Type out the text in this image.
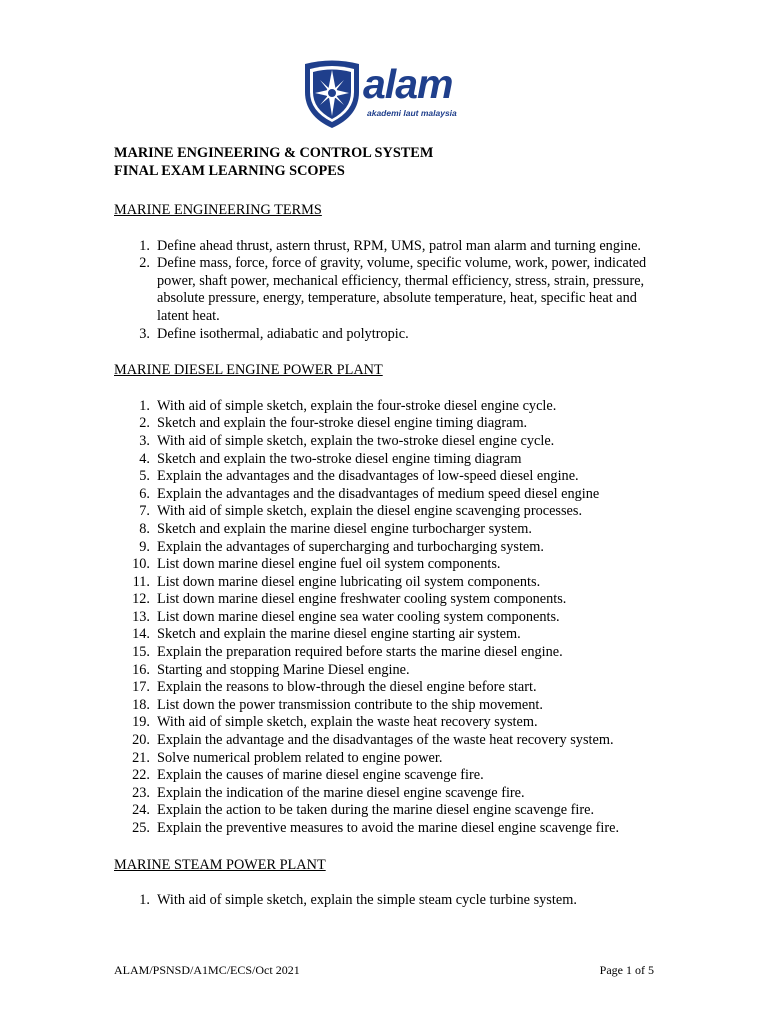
alam
akademi laut malaysia
MARINE ENGINEERING & CONTROL SYSTEM
FINAL EXAM LEARNING SCOPES
MARINE ENGINEERING TERMS
1. Define ahead thrust, astern thrust, RPM, UMS, patrol man alarm and turning engine.
2. Define mass, force, force of gravity, volume, specific volume, work, power, indicated power, shaft power, mechanical efficiency, thermal efficiency, stress, strain, pressure, absolute pressure, energy, temperature, absolute temperature, heat, specific heat and latent heat.
3. Define isothermal, adiabatic and polytropic.
MARINE DIESEL ENGINE POWER PLANT
1. With aid of simple sketch, explain the four-stroke diesel engine cycle.
2. Sketch and explain the four-stroke diesel engine timing diagram.
3. With aid of simple sketch, explain the two-stroke diesel engine cycle.
4. Sketch and explain the two-stroke diesel engine timing diagram
5. Explain the advantages and the disadvantages of low-speed diesel engine.
6. Explain the advantages and the disadvantages of medium speed diesel engine
7. With aid of simple sketch, explain the diesel engine scavenging processes.
8. Sketch and explain the marine diesel engine turbocharger system.
9. Explain the advantages of supercharging and turbocharging system.
10. List down marine diesel engine fuel oil system components.
11. List down marine diesel engine lubricating oil system components.
12. List down marine diesel engine freshwater cooling system components.
13. List down marine diesel engine sea water cooling system components.
14. Sketch and explain the marine diesel engine starting air system.
15. Explain the preparation required before starts the marine diesel engine.
16. Starting and stopping Marine Diesel engine.
17. Explain the reasons to blow-through the diesel engine before start.
18. List down the power transmission contribute to the ship movement.
19. With aid of simple sketch, explain the waste heat recovery system.
20. Explain the advantage and the disadvantages of the waste heat recovery system.
21. Solve numerical problem related to engine power.
22. Explain the causes of marine diesel engine scavenge fire.
23. Explain the indication of the marine diesel engine scavenge fire.
24. Explain the action to be taken during the marine diesel engine scavenge fire.
25. Explain the preventive measures to avoid the marine diesel engine scavenge fire.
MARINE STEAM POWER PLANT
1. With aid of simple sketch, explain the simple steam cycle turbine system.
ALAM/PSNSD/A1MC/ECS/Oct 2021	Page 1 of 5
